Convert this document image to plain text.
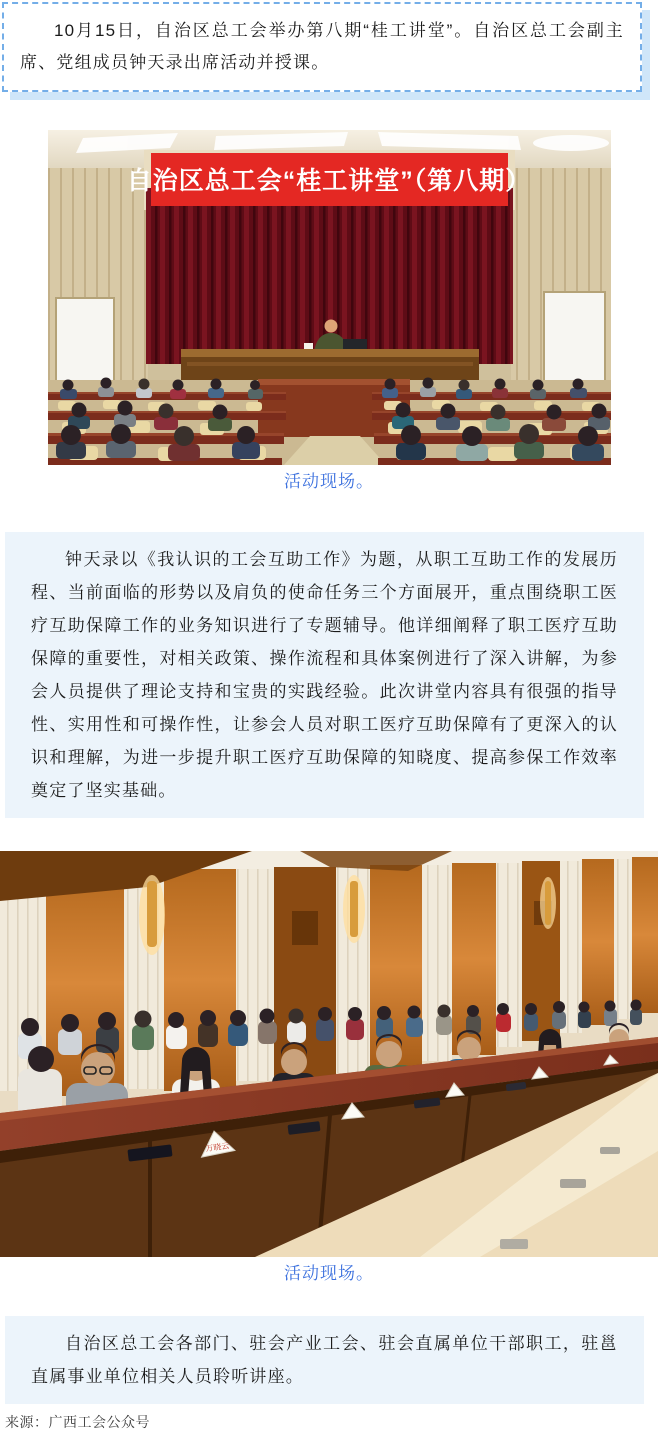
10月15日，自治区总工会举办第八期“桂工讲堂”。自治区总工会副主席、党组成员钟天录出席活动并授课。

自治区总工会“桂工讲堂”（第八期）
活动现场。

钟天录以《我认识的工会互助工作》为题，从职工互助工作的发展历程、当前面临的形势以及肩负的使命任务三个方面展开，重点围绕职工医疗互助保障工作的业务知识进行了专题辅导。他详细阐释了职工医疗互助保障的重要性，对相关政策、操作流程和具体案例进行了深入讲解，为参会人员提供了理论支持和宝贵的实践经验。此次讲堂内容具有很强的指导性、实用性和可操作性，让参会人员对职工医疗互助保障有了更深入的认识和理解，为进一步提升职工医疗互助保障的知晓度、提高参保工作效率奠定了坚实基础。

万晓云
活动现场。

自治区总工会各部门、驻会产业工会、驻会直属单位干部职工，驻邕直属事业单位相关人员聆听讲座。

来源：广西工会公众号
